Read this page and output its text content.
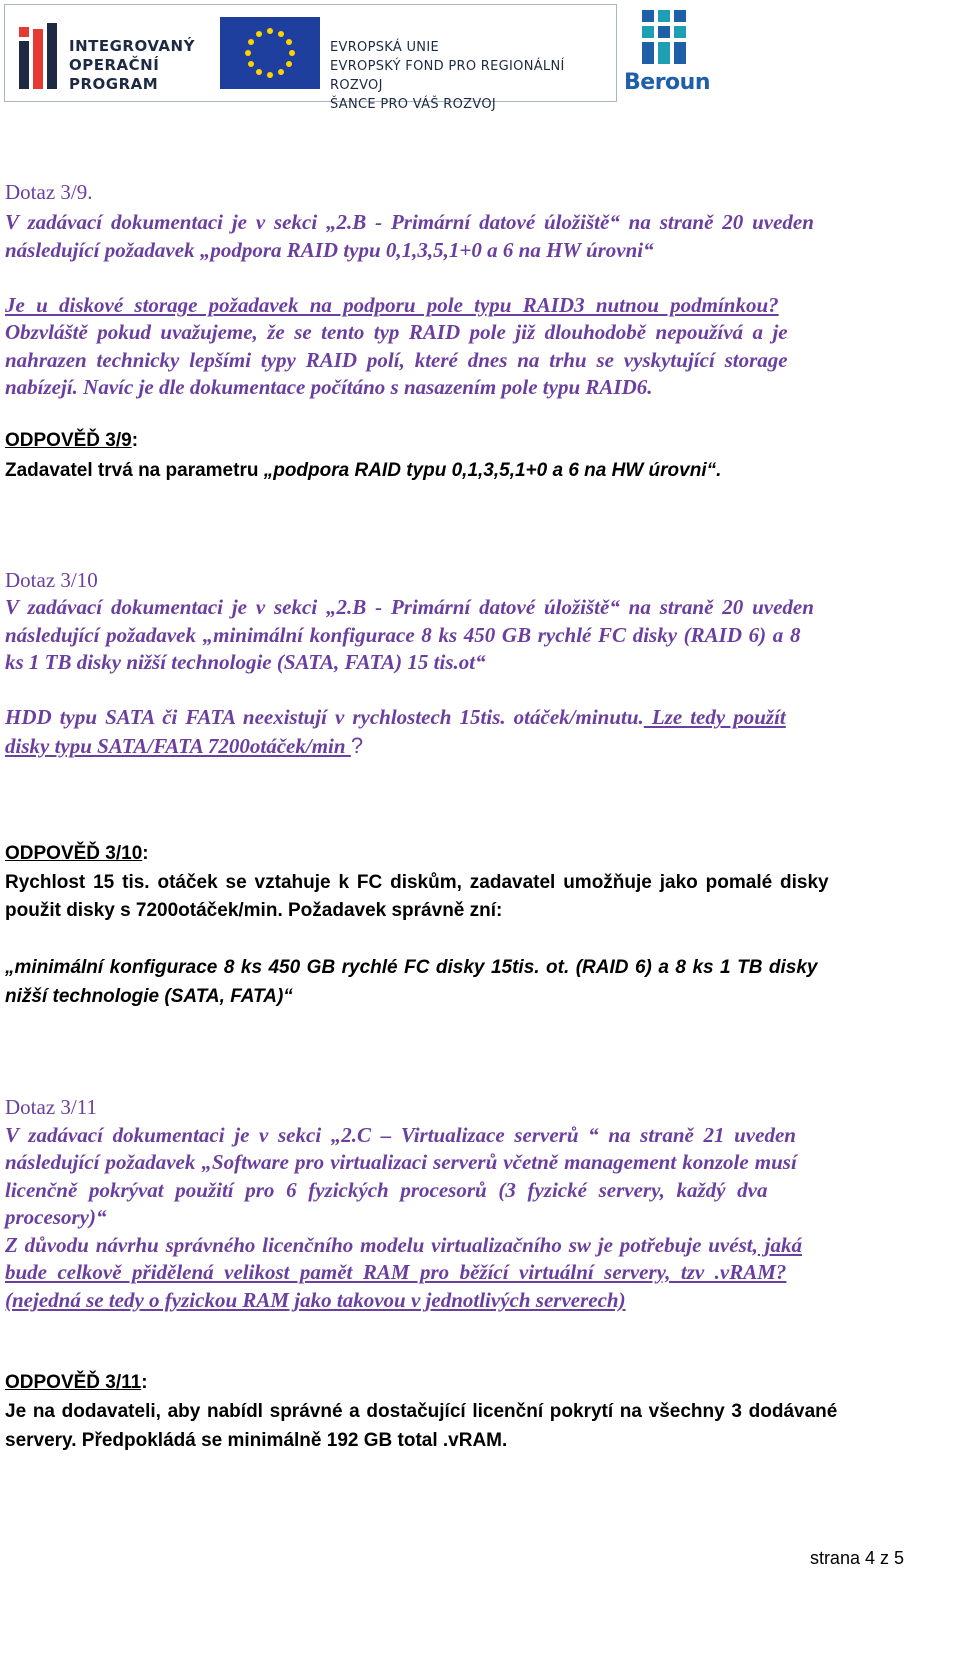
INTEGROVANÝ
OPERAČNÍ
PROGRAM
EVROPSKÁ UNIE
EVROPSKÝ FOND PRO REGIONÁLNÍ ROZVOJ
ŠANCE PRO VÁŠ ROZVOJ
Beroun
Dotaz 3/9.
V zadávací dokumentaci je v sekci „2.B - Primární datové úložiště“ na straně 20 uveden
následující požadavek „podpora RAID typu 0,1,3,5,1+0 a 6 na HW úrovni“
Je u diskové storage požadavek na podporu pole typu RAID3 nutnou podmínkou?
Obzvláště pokud uvažujeme, že se tento typ RAID pole již dlouhodobě nepoužívá a je
nahrazen technicky lepšími typy RAID polí, které dnes na trhu se vyskytující storage
nabízejí. Navíc je dle dokumentace počítáno s nasazením pole typu RAID6.
ODPOVĚĎ 3/9:
Zadavatel trvá na parametru „podpora RAID typu 0,1,3,5,1+0 a 6 na HW úrovni“.
Dotaz 3/10
V zadávací dokumentaci je v sekci „2.B - Primární datové úložiště“ na straně 20 uveden
následující požadavek „minimální konfigurace 8 ks 450 GB rychlé FC disky (RAID 6) a 8
ks 1 TB disky nižší technologie (SATA, FATA) 15 tis.ot“
HDD typu SATA či FATA neexistují v rychlostech 15tis. otáček/minutu. Lze tedy použít
disky typu SATA/FATA 7200otáček/min ?
ODPOVĚĎ 3/10:
Rychlost 15 tis. otáček se vztahuje k FC diskům, zadavatel umožňuje jako pomalé disky
použit disky s 7200otáček/min. Požadavek správně zní:
„minimální konfigurace 8 ks 450 GB rychlé FC disky 15tis. ot. (RAID 6) a 8 ks 1 TB disky
nižší technologie (SATA, FATA)“
Dotaz 3/11
V zadávací dokumentaci je v sekci „2.C – Virtualizace serverů “ na straně 21 uveden
následující požadavek „Software pro virtualizaci serverů včetně management konzole musí
licenčně pokrývat použití pro 6 fyzických procesorů (3 fyzické servery, každý dva
procesory)“
Z důvodu návrhu správného licenčního modelu virtualizačního sw je potřebuje uvést, jaká
bude celkově přidělená velikost pamět RAM pro běžící virtuální servery, tzv .vRAM?
(nejedná se tedy o fyzickou RAM jako takovou v jednotlivých serverech)
ODPOVĚĎ 3/11:
Je na dodavateli, aby nabídl správné a dostačující licenční pokrytí na všechny 3 dodávané
servery. Předpokládá se minimálně 192 GB total .vRAM.
strana 4 z 5
